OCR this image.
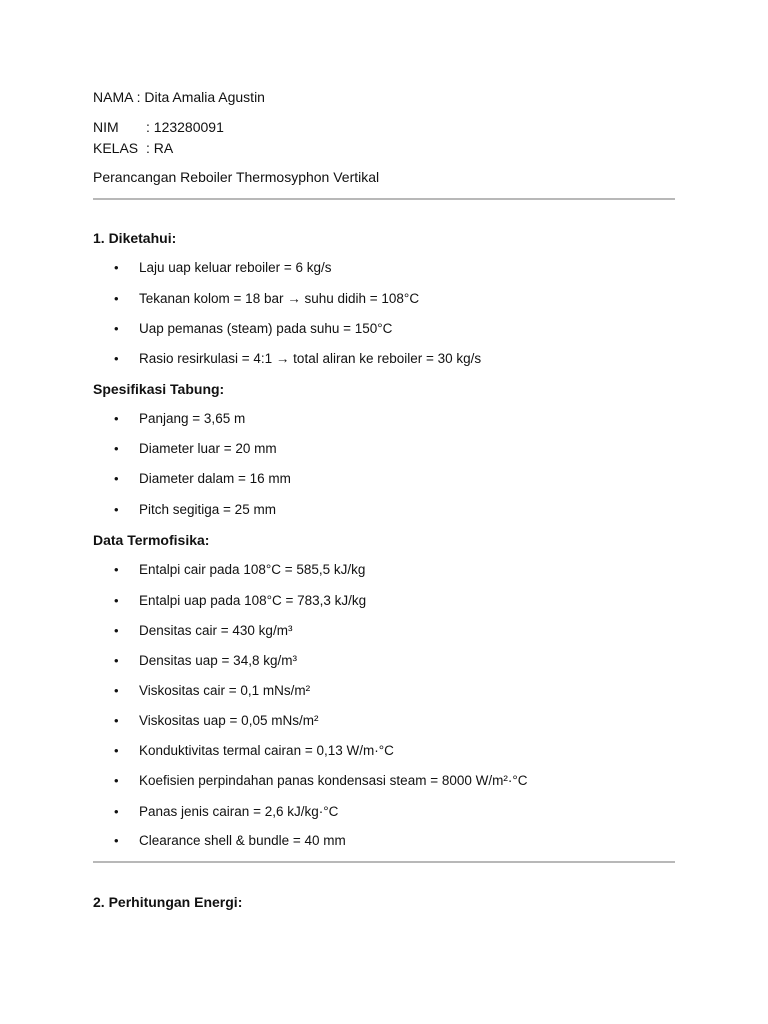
NAMA : Dita Amalia Agustin
NIM : 123280091
KELAS : RA
Perancangan Reboiler Thermosyphon Vertikal
1. Diketahui:
• Laju uap keluar reboiler = 6 kg/s
• Tekanan kolom = 18 bar → suhu didih = 108°C
• Uap pemanas (steam) pada suhu = 150°C
• Rasio resirkulasi = 4:1 → total aliran ke reboiler = 30 kg/s
Spesifikasi Tabung:
• Panjang = 3,65 m
• Diameter luar = 20 mm
• Diameter dalam = 16 mm
• Pitch segitiga = 25 mm
Data Termofisika:
• Entalpi cair pada 108°C = 585,5 kJ/kg
• Entalpi uap pada 108°C = 783,3 kJ/kg
• Densitas cair = 430 kg/m³
• Densitas uap = 34,8 kg/m³
• Viskositas cair = 0,1 mNs/m²
• Viskositas uap = 0,05 mNs/m²
• Konduktivitas termal cairan = 0,13 W/m·°C
• Koefisien perpindahan panas kondensasi steam = 8000 W/m²·°C
• Panas jenis cairan = 2,6 kJ/kg·°C
• Clearance shell & bundle = 40 mm
2. Perhitungan Energi:
